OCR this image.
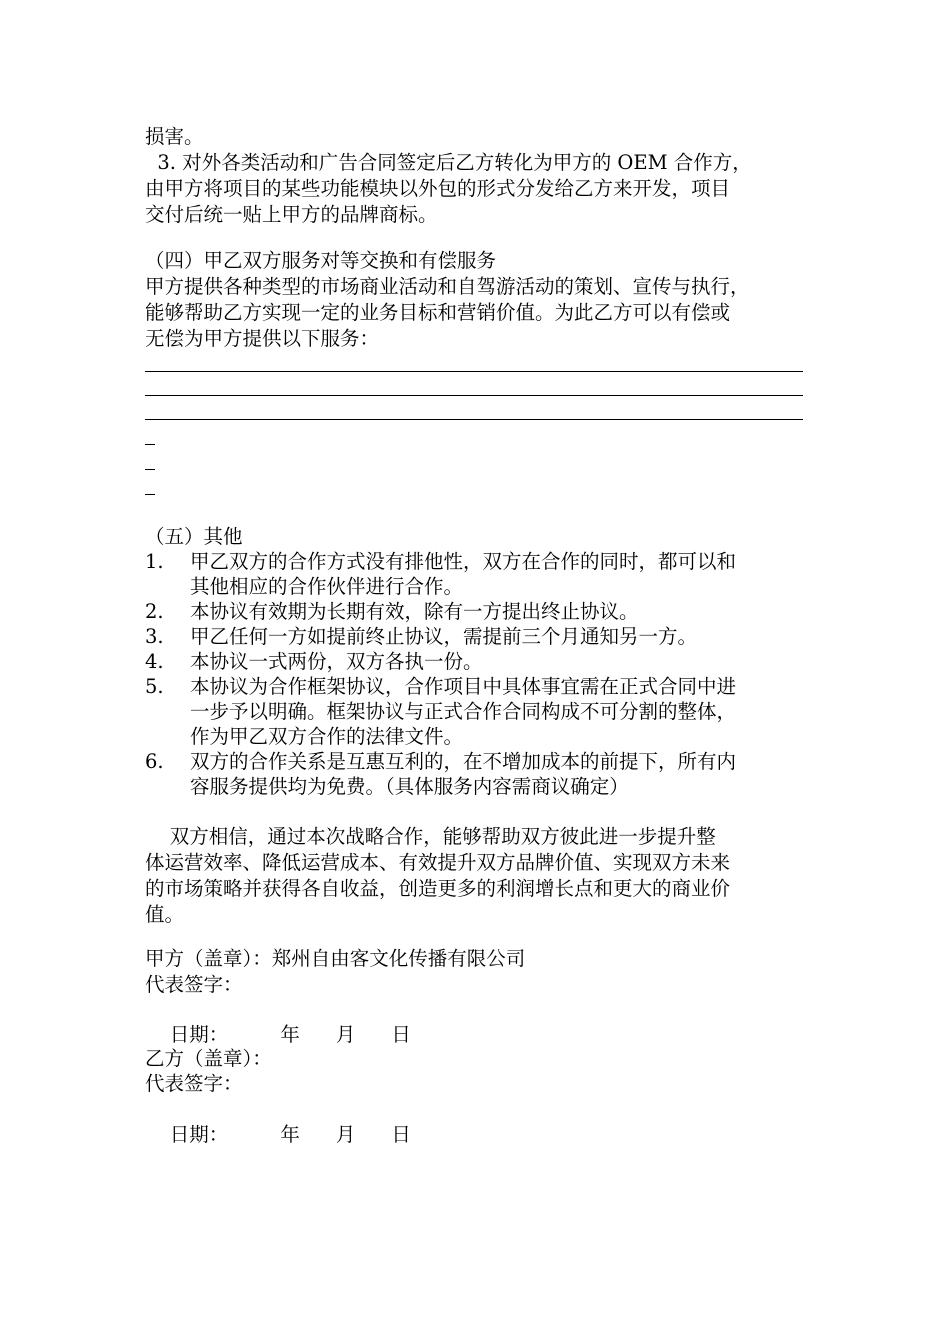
损害。
3. 对外各类活动和广告合同签定后乙方转化为甲方的 OEM 合作方，
由甲方将项目的某些功能模块以外包的形式分发给乙方来开发，项目
交付后统一贴上甲方的品牌商标。
（四）甲乙双方服务对等交换和有偿服务
甲方提供各种类型的市场商业活动和自驾游活动的策划、宣传与执行，
能够帮助乙方实现一定的业务目标和营销价值。为此乙方可以有偿或
无偿为甲方提供以下服务：
（五）其他
1. 甲乙双方的合作方式没有排他性，双方在合作的同时，都可以和
其他相应的合作伙伴进行合作。
2. 本协议有效期为长期有效，除有一方提出终止协议。
3. 甲乙任何一方如提前终止协议，需提前三个月通知另一方。
4. 本协议一式两份，双方各执一份。
5. 本协议为合作框架协议，合作项目中具体事宜需在正式合同中进
一步予以明确。框架协议与正式合作合同构成不可分割的整体，
作为甲乙双方合作的法律文件。
6. 双方的合作关系是互惠互利的，在不增加成本的前提下，所有内
容服务提供均为免费。（具体服务内容需商议确定）
双方相信，通过本次战略合作，能够帮助双方彼此进一步提升整
体运营效率、降低运营成本、有效提升双方品牌价值、实现双方未来
的市场策略并获得各自收益，创造更多的利润增长点和更大的商业价
值。
甲方（盖章）：郑州自由客文化传播有限公司
代表签字：

日期：	年 月 日

乙方（盖章）：
代表签字：

日期：	年 月 日
